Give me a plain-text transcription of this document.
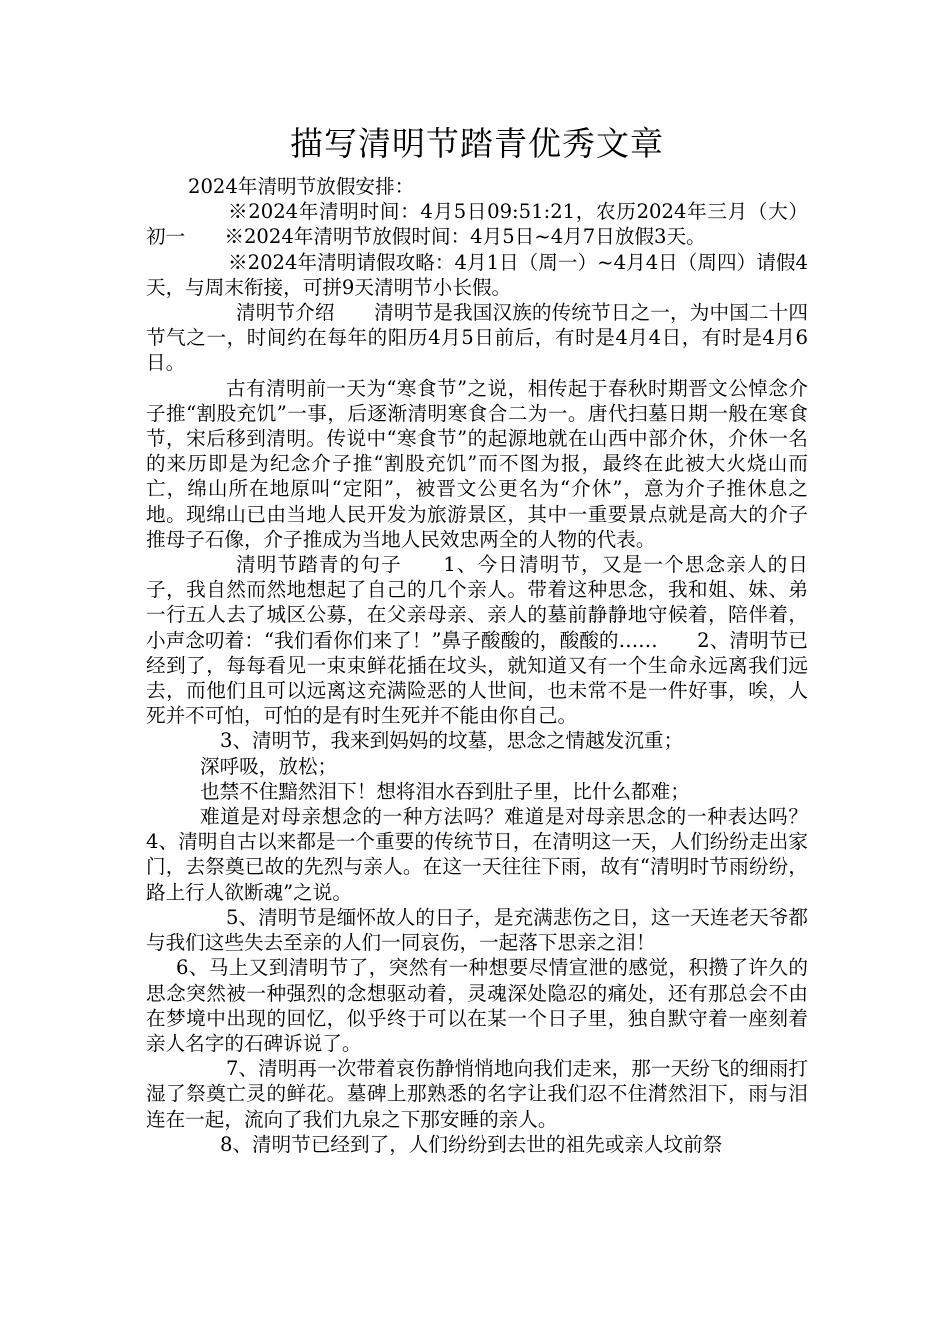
描写清明节踏青优秀文章

2024年清明节放假安排：

※2024年清明时间：4月5日09:51:21，农历2024年三月（大）初一　　※2024年清明节放假时间：4月5日~4月7日放假3天。

※2024年清明请假攻略：4月1日（周一）~4月4日（周四）请假4天，与周末衔接，可拼9天清明节小长假。

清明节介绍　　清明节是我国汉族的传统节日之一，为中国二十四节气之一，时间约在每年的阳历4月5日前后，有时是4月4日，有时是4月6日。

古有清明前一天为“寒食节”之说，相传起于春秋时期晋文公悼念介子推“割股充饥”一事，后逐渐清明寒食合二为一。唐代扫墓日期一般在寒食节，宋后移到清明。传说中“寒食节”的起源地就在山西中部介休，介休一名的来历即是为纪念介子推“割股充饥”而不图为报，最终在此被大火烧山而亡，绵山所在地原叫“定阳”，被晋文公更名为“介休”，意为介子推休息之地。现绵山已由当地人民开发为旅游景区，其中一重要景点就是高大的介子推母子石像，介子推成为当地人民效忠两全的人物的代表。

清明节踏青的句子　　1、今日清明节，又是一个思念亲人的日子，我自然而然地想起了自己的几个亲人。带着这种思念，我和姐、妹、弟一行五人去了城区公募，在父亲母亲、亲人的墓前静静地守候着，陪伴着，小声念叨着：“我们看你们来了！”鼻子酸酸的，酸酸的……　　2、清明节已经到了，每每看见一束束鲜花插在坟头，就知道又有一个生命永远离我们远去，而他们且可以远离这充满险恶的人世间，也未常不是一件好事，唉，人死并不可怕，可怕的是有时生死并不能由你自己。

3、清明节，我来到妈妈的坟墓，思念之情越发沉重；

深呼吸，放松；

也禁不住黯然泪下！想将泪水吞到肚子里，比什么都难；

难道是对母亲想念的一种方法吗？难道是对母亲思念的一种表达吗？　　4、清明自古以来都是一个重要的传统节日，在清明这一天，人们纷纷走出家门，去祭奠已故的先烈与亲人。在这一天往往下雨，故有“清明时节雨纷纷，路上行人欲断魂”之说。

5、清明节是缅怀故人的日子，是充满悲伤之日，这一天连老天爷都与我们这些失去至亲的人们一同哀伤，一起落下思亲之泪！

6、马上又到清明节了，突然有一种想要尽情宣泄的感觉，积攒了许久的思念突然被一种强烈的念想驱动着，灵魂深处隐忍的痛处，还有那总会不由在梦境中出现的回忆，似乎终于可以在某一个日子里，独自默守着一座刻着亲人名字的石碑诉说了。

7、清明再一次带着哀伤静悄悄地向我们走来，那一天纷飞的细雨打湿了祭奠亡灵的鲜花。墓碑上那熟悉的名字让我们忍不住潸然泪下，雨与泪连在一起，流向了我们九泉之下那安睡的亲人。

8、清明节已经到了，人们纷纷到去世的祖先或亲人坟前祭
